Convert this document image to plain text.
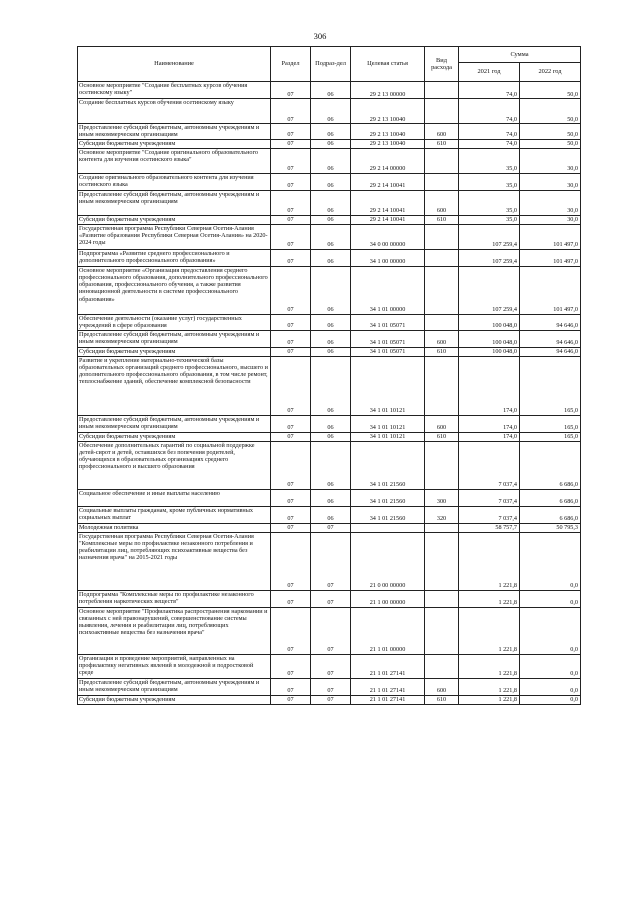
306
Наименование	Раздел	Подраз-дел	Целевая статья	Вид расхода	Сумма	
					2021 год	2022 год
Основное мероприятие "Создание бесплатных курсов обучения осетинскому языку"	07	06	29 2 13 00000		74,0	50,0
Создание бесплатных курсов обучения осетинскому языку	07	06	29 2 13 10040		74,0	50,0
Предоставление субсидий бюджетным, автономным учреждениям и иным некоммерческим организациям	07	06	29 2 13 10040	600	74,0	50,0
Субсидии бюджетным учреждениям	07	06	29 2 13 10040	610	74,0	50,0
Основное мероприятие "Создание оригинального образовательного контента для изучения осетинского языка"	07	06	29 2 14 00000		35,0	30,0
Создание оригинального образовательного контента для изучения осетинского языка	07	06	29 2 14 10041		35,0	30,0
Предоставление субсидий бюджетным, автономным учреждениям и иным некоммерческим организациям	07	06	29 2 14 10041	600	35,0	30,0
Субсидии бюджетным учреждениям	07	06	29 2 14 10041	610	35,0	30,0
Государственная программа Республики Северная Осетия-Алания «Развитие образования Республики Северная Осетия-Алания» на 2020-2024 годы	07	06	34 0 00 00000		107 259,4	101 497,0
Подпрограмма «Развитие среднего профессионального и дополнительного профессионального образования»	07	06	34 1 00 00000		107 259,4	101 497,0
Основное мероприятие «Организация предоставления среднего профессионального образования, дополнительного профессионального образования, профессионального обучения, а также развития инновационной деятельности в системе профессионального образования»	07	06	34 1 01 00000		107 259,4	101 497,0
Обеспечение деятельности (оказание услуг) государственных учреждений в сфере образования	07	06	34 1 01 05071		100 048,0	94 646,0
Предоставление субсидий бюджетным, автономным учреждениям и иным некоммерческим организациям	07	06	34 1 01 05071	600	100 048,0	94 646,0
Субсидии бюджетным учреждениям	07	06	34 1 01 05071	610	100 048,0	94 646,0
Развитие и укрепление материально-технической базы образовательных организаций среднего профессионального, высшего и дополнительного профессионального образования, в том числе ремонт, теплоснабжение зданий, обеспечение комплексной безопасности	07	06	34 1 01 10121		174,0	165,0
Предоставление субсидий бюджетным, автономным учреждениям и иным некоммерческим организациям	07	06	34 1 01 10121	600	174,0	165,0
Субсидии бюджетным учреждениям	07	06	34 1 01 10121	610	174,0	165,0
Обеспечение дополнительных гарантий по социальной поддержке детей-сирот и детей, оставшихся без попечения родителей, обучающихся в образовательных организациях среднего профессионального и высшего образования	07	06	34 1 01 21560		7 037,4	6 686,0
Социальное обеспечение и иные выплаты населению	07	06	34 1 01 21560	300	7 037,4	6 686,0
Социальные выплаты гражданам, кроме публичных нормативных социальных выплат	07	06	34 1 01 21560	320	7 037,4	6 686,0
Молодежная политика	07	07			58 757,7	50 795,3
Государственная программа Республики Северная Осетия-Алания "Комплексные меры по профилактике незаконного потребления и реабилитации лиц, потребляющих психоактивные вещества без назначения врача" на 2015-2021 годы	07	07	21 0 00 00000		1 221,8	0,0
Подпрограмма "Комплексные меры по профилактике незаконного потребления наркотических веществ"	07	07	21 1 00 00000		1 221,8	0,0
Основное мероприятие "Профилактика распространения наркомании и связанных с ней правонарушений, совершенствование системы выявления, лечения и реабилитации лиц, потребляющих психоактивные вещества без назначения врача"	07	07	21 1 01 00000		1 221,8	0,0
Организация и проведение мероприятий, направленных на профилактику негативных явлений в молодежной и подростковой среде	07	07	21 1 01 27141		1 221,8	0,0
Предоставление субсидий бюджетным, автономным учреждениям и иным некоммерческим организациям	07	07	21 1 01 27141	600	1 221,8	0,0
Субсидии бюджетным учреждениям	07	07	21 1 01 27141	610	1 221,8	0,0
